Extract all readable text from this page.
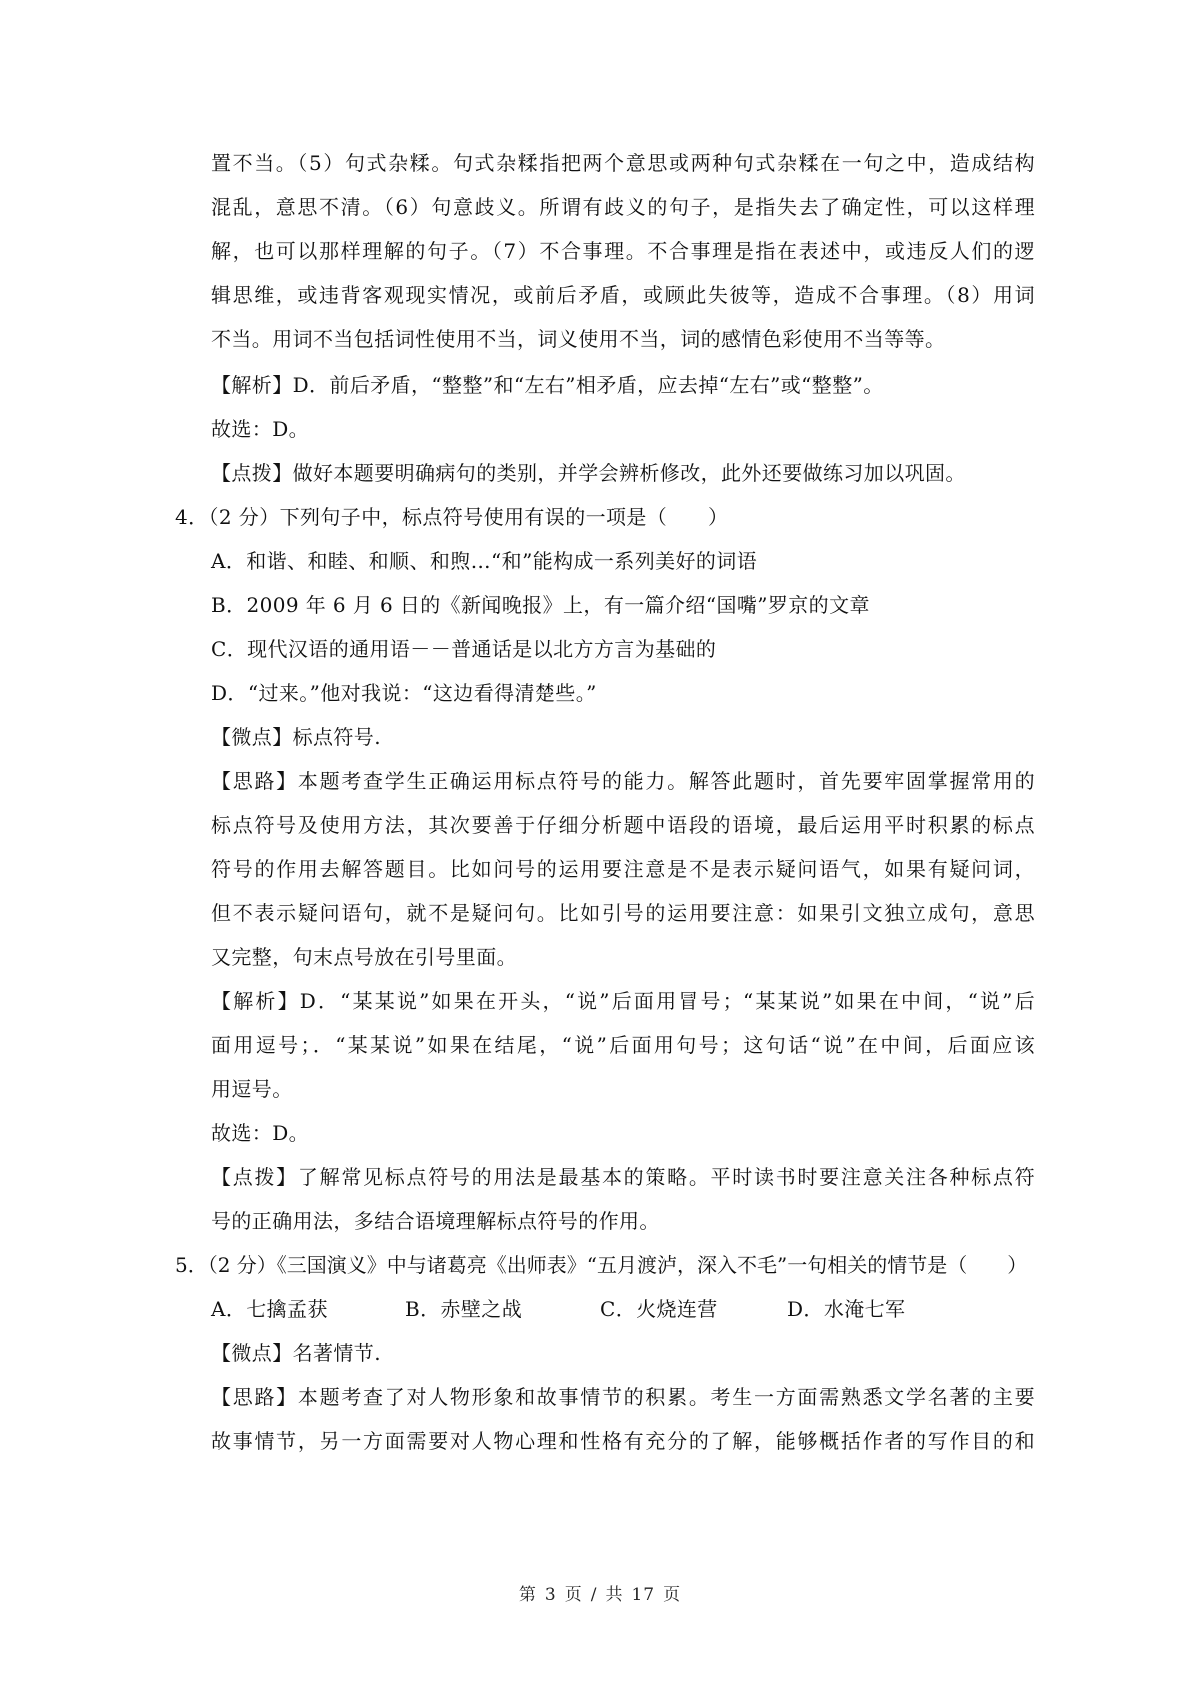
置不当。（5）句式杂糅。句式杂糅指把两个意思或两种句式杂糅在一句之中，造成结构
混乱，意思不清。（6）句意歧义。所谓有歧义的句子，是指失去了确定性，可以这样理
解，也可以那样理解的句子。（7）不合事理。不合事理是指在表述中，或违反人们的逻
辑思维，或违背客观现实情况，或前后矛盾，或顾此失彼等，造成不合事理。（8）用词
不当。用词不当包括词性使用不当，词义使用不当，词的感情色彩使用不当等等。
【解析】D．前后矛盾，“整整”和“左右”相矛盾，应去掉“左右”或“整整”。
故选：D。
【点拨】做好本题要明确病句的类别，并学会辨析修改，此外还要做练习加以巩固。
4．（2 分）下列句子中，标点符号使用有误的一项是（　　）
A．和谐、和睦、和顺、和煦…“和”能构成一系列美好的词语
B．2009 年 6 月 6 日的《新闻晚报》上，有一篇介绍“国嘴”罗京的文章
C．现代汉语的通用语－－普通话是以北方方言为基础的
D．“过来。”他对我说：“这边看得清楚些。”
【微点】标点符号.
【思路】本题考查学生正确运用标点符号的能力。解答此题时，首先要牢固掌握常用的
标点符号及使用方法，其次要善于仔细分析题中语段的语境，最后运用平时积累的标点
符号的作用去解答题目。比如问号的运用要注意是不是表示疑问语气，如果有疑问词，
但不表示疑问语句，就不是疑问句。比如引号的运用要注意：如果引文独立成句，意思
又完整，句末点号放在引号里面。
【解析】D．“某某说”如果在开头，“说”后面用冒号；“某某说”如果在中间，“说”后
面用逗号；．“某某说”如果在结尾，“说”后面用句号；这句话“说”在中间，后面应该
用逗号。
故选：D。
【点拨】了解常见标点符号的用法是最基本的策略。平时读书时要注意关注各种标点符
号的正确用法，多结合语境理解标点符号的作用。
5．（2 分）《三国演义》中与诸葛亮《出师表》“五月渡泸，深入不毛”一句相关的情节是（　　）
A．七擒孟获	B．赤壁之战	C．火烧连营	D．水淹七军
【微点】名著情节.
【思路】本题考查了对人物形象和故事情节的积累。考生一方面需熟悉文学名著的主要
故事情节，另一方面需要对人物心理和性格有充分的了解，能够概括作者的写作目的和
第 3 页 / 共 17 页
